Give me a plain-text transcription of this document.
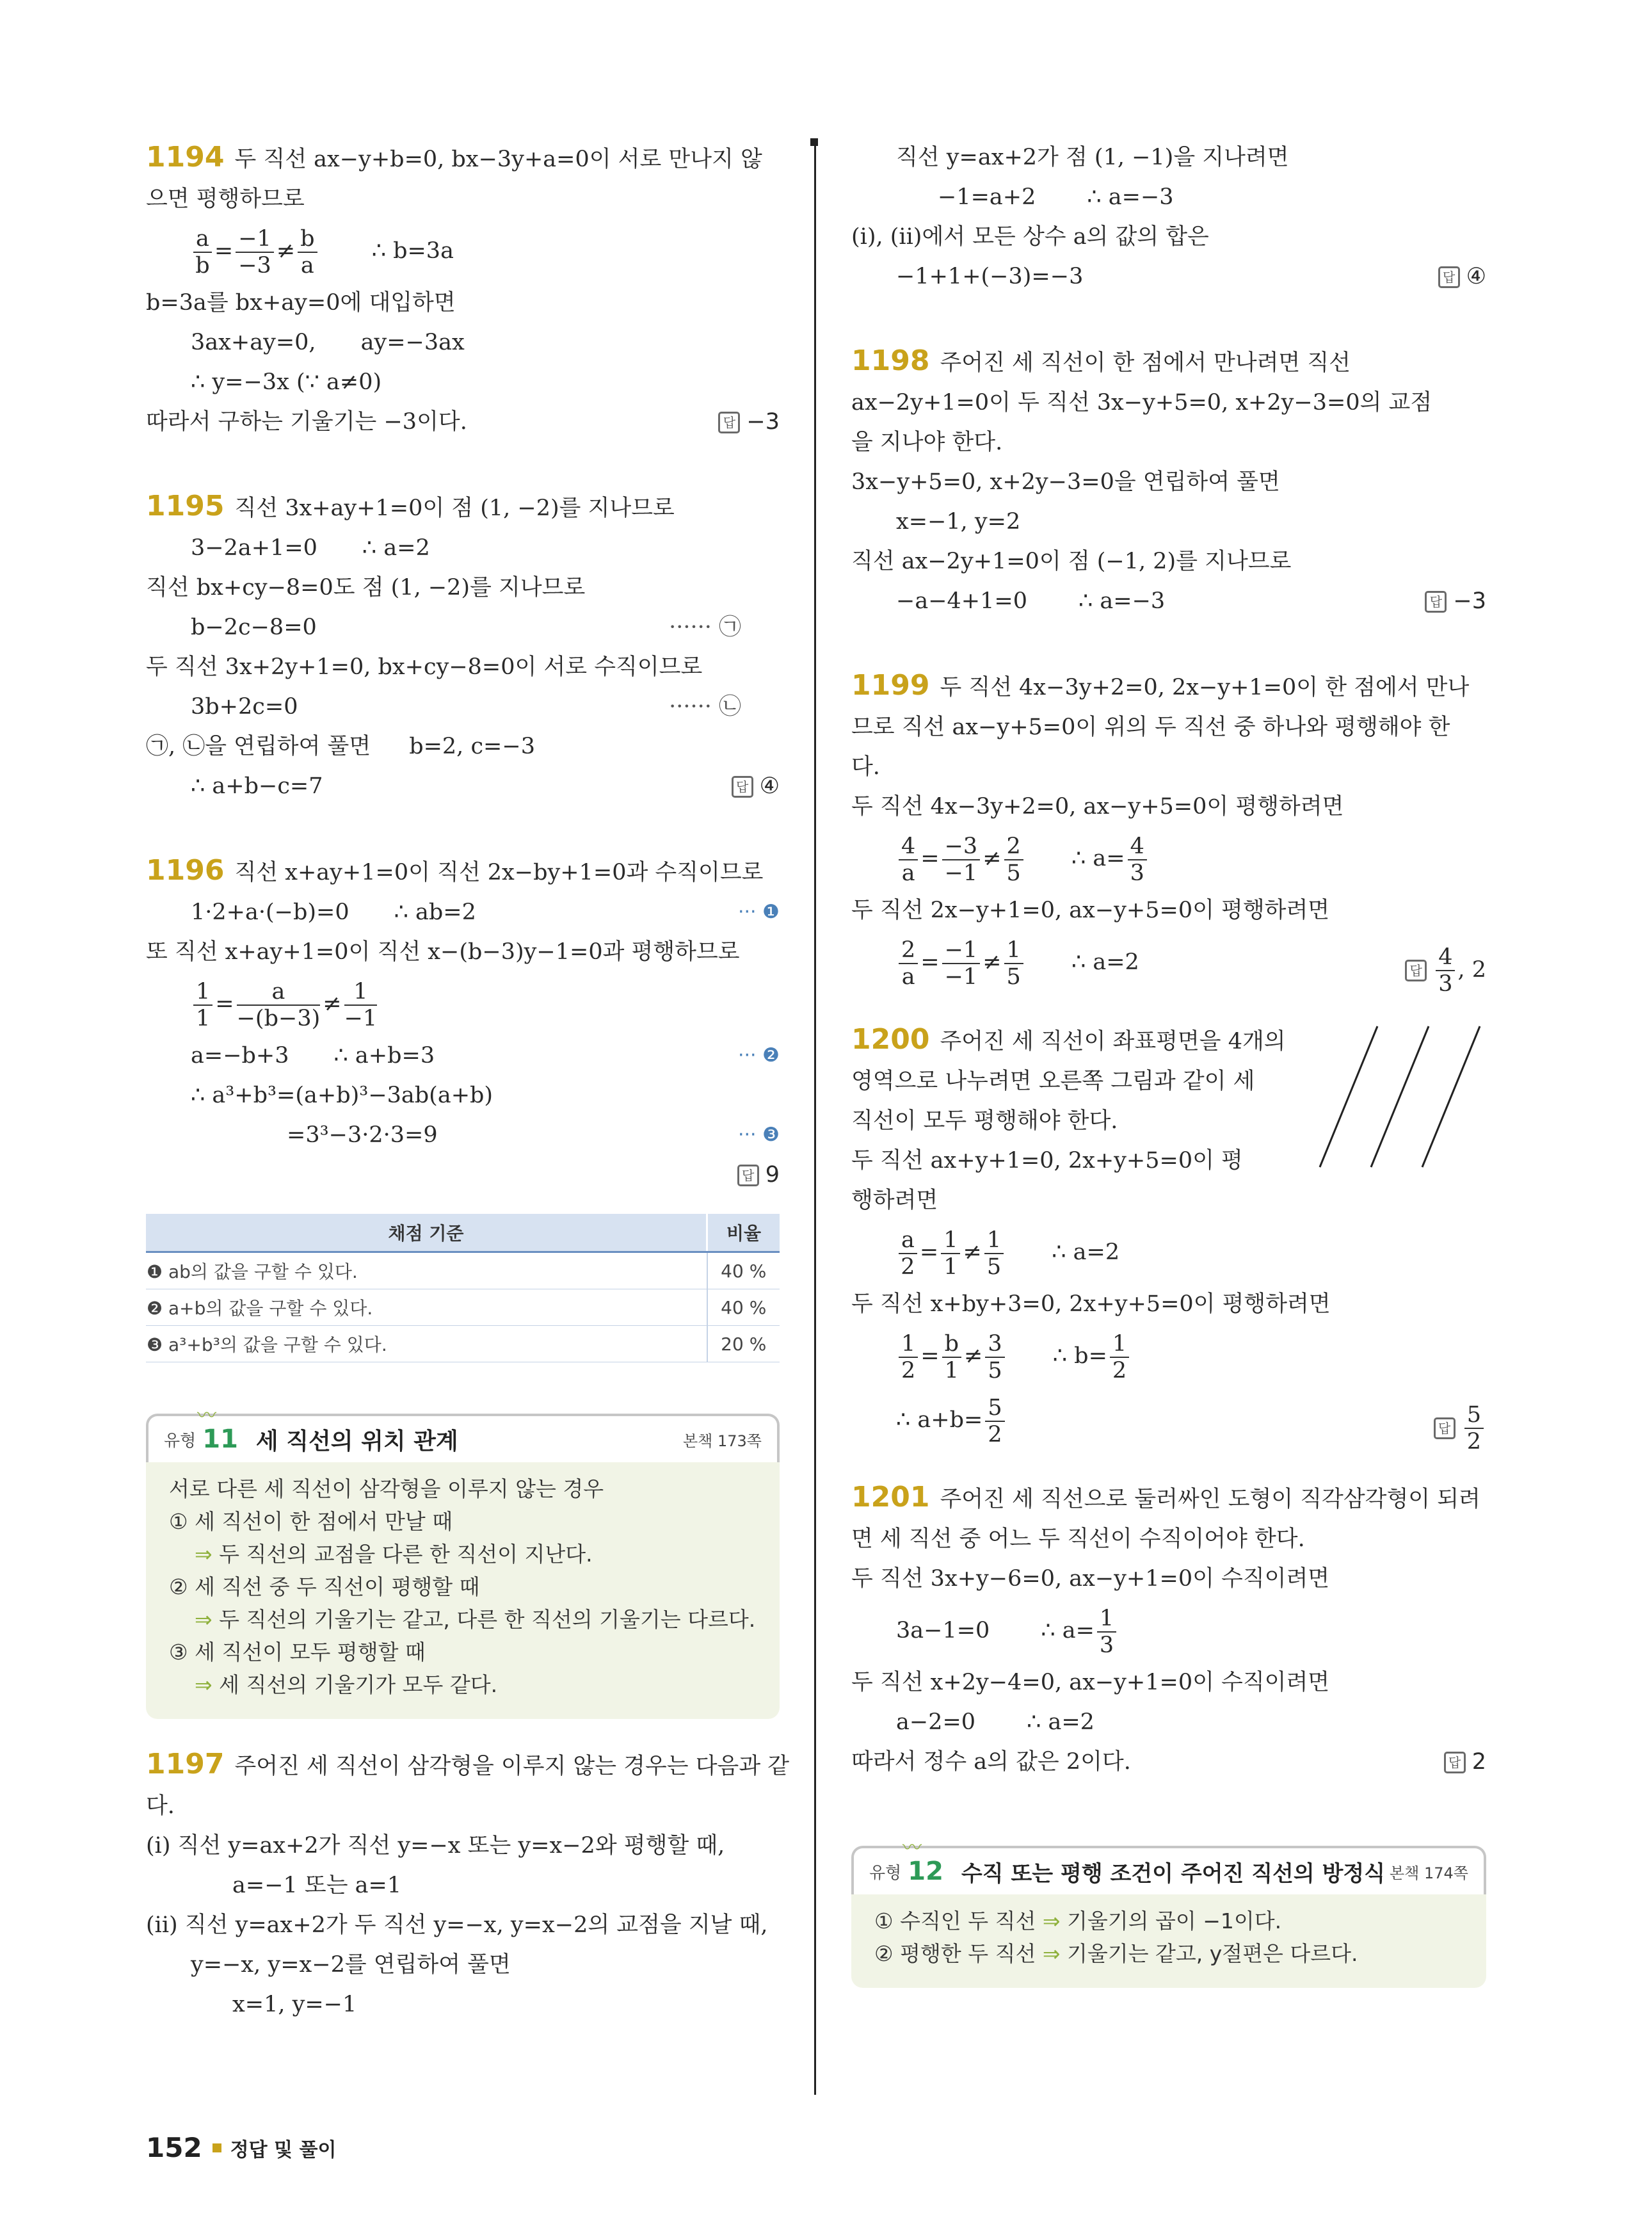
1194 두 직선 ax−y+b=0, bx−3y+a=0이 서로 만나지 않
으면 평행하므로
$\frac{a}{b} = \frac{-1}{-3} \ne \frac{b}{a}$ ∴ b=3a
b=3a를 bx+ay=0에 대입하면
3ax+ay=0, ay=−3ax
∴ y=−3x (∵ a≠0)
따라서 구하는 기울기는 −3이다. 답	−3
1195 직선 3x+ay+1=0이 점 (1, −2)를 지나므로
3−2a+1=0 ∴ a=2
직선 bx+cy−8=0도 점 (1, −2)를 지나므로
b−2c−8=0	······ ㉠
두 직선 3x+2y+1=0, bx+cy−8=0이 서로 수직이므로
3b+2c=0	······ ㉡
㉠, ㉡을 연립하여 풀면 b=2, c=−3
∴ a+b−c=7 답	④
1196 직선 x+ay+1=0이 직선 2x−by+1=0과 수직이므로
1·2+a·(−b)=0 ∴ ab=2	··· ❶
또 직선 x+ay+1=0이 직선 x−(b−3)y−1=0과 평행하므로
$\frac{1}{1} = \frac{a}{-(b-3)} \ne \frac{1}{-1}$
a=−b+3 ∴ a+b=3	··· ❷
∴ a³+b³=(a+b)³−3ab(a+b)
=3³−3·2·3=9	··· ❸

답9
채점 기준	비율
❶ ab의 값을 구할 수 있다.	40 %
❷ a+b의 값을 구할 수 있다.	40 %
❸ a³+b³의 값을 구할 수 있다.	20 %
〰
유형 11 세 직선의 위치 관계	본책 173쪽
서로 다른 세 직선이 삼각형을 이루지 않는 경우
① 세 직선이 한 점에서 만날 때
⇒ 두 직선의 교점을 다른 한 직선이 지난다.
② 세 직선 중 두 직선이 평행할 때
⇒ 두 직선의 기울기는 같고, 다른 한 직선의 기울기는 다르다.
③ 세 직선이 모두 평행할 때
⇒ 세 직선의 기울기가 모두 같다.
1197 주어진 세 직선이 삼각형을 이루지 않는 경우는 다음과 같
다.
(i) 직선 y=ax+2가 직선 y=−x 또는 y=x−2와 평행할 때,
a=−1 또는 a=1
(ii) 직선 y=ax+2가 두 직선 y=−x, y=x−2의 교점을 지날 때,
y=−x, y=x−2를 연립하여 풀면
x=1, y=−1
직선 y=ax+2가 점 (1, −1)을 지나려면
−1=a+2 ∴ a=−3
(i), (ii)에서 모든 상수 a의 값의 합은
−1+1+(−3)=−3 답	④
1198 주어진 세 직선이 한 점에서 만나려면 직선
ax−2y+1=0이 두 직선 3x−y+5=0, x+2y−3=0의 교점
을 지나야 한다.
3x−y+5=0, x+2y−3=0을 연립하여 풀면
x=−1, y=2
직선 ax−2y+1=0이 점 (−1, 2)를 지나므로
−a−4+1=0 ∴ a=−3 답	−3
1199 두 직선 4x−3y+2=0, 2x−y+1=0이 한 점에서 만나
므로 직선 ax−y+5=0이 위의 두 직선 중 하나와 평행해야 한
다.
두 직선 4x−3y+2=0, ax−y+5=0이 평행하려면
$\frac{4}{a} = \frac{-3}{-1} \ne \frac{2}{5}$ ∴ $a= \frac{4}{3}$
두 직선 2x−y+1=0, ax−y+5=0이 평행하려면
$\frac{2}{a} = \frac{-1}{-1} \ne \frac{1}{5}$ ∴ a=2
답	$\frac{4}{3}$ , 2
1200 주어진 세 직선이 좌표평면을 4개의
영역으로 나누려면 오른쪽 그림과 같이 세
직선이 모두 평행해야 한다.
두 직선 ax+y+1=0, 2x+y+5=0이 평
행하려면
$\frac{a}{2} = \frac{1}{1} \ne \frac{1}{5}$ ∴ a=2
두 직선 x+by+3=0, 2x+y+5=0이 평행하려면
$\frac{1}{2} = \frac{b}{1} \ne \frac{3}{5}$ ∴ $b= \frac{1}{2}$
∴ $a+b= \frac{5}{2}$
답	$\frac{5}{2}$
1201 주어진 세 직선으로 둘러싸인 도형이 직각삼각형이 되려
면 세 직선 중 어느 두 직선이 수직이어야 한다.
두 직선 3x+y−6=0, ax−y+1=0이 수직이려면
3a−1=0 ∴ $a= \frac{1}{3}$
두 직선 x+2y−4=0, ax−y+1=0이 수직이려면
a−2=0 ∴ a=2
따라서 정수 a의 값은 2이다. 답	2
〰
유형 12 수직 또는 평행 조건이 주어진 직선의 방정식 본책 174쪽
① 수직인 두 직선 ⇒ 기울기의 곱이 −1이다.
② 평행한 두 직선 ⇒ 기울기는 같고, y절편은 다르다.
152 정답 및 풀이
